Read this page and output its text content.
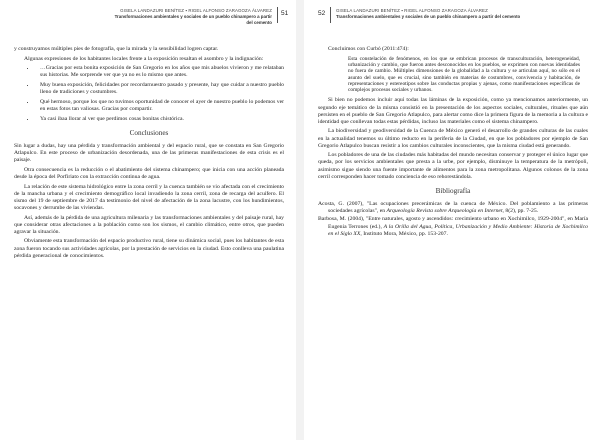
GISELA LANDAZURI BENÍTEZ ▪ RIGEL ALFONSO ZARAGOZA ÁLVAREZ
Transformaciones ambientales y sociales de un pueblo chinampero a partir del cemento
51

y construyamos múltiples pies de fotografía, que la mirada y la sensibilidad logren captar.

Algunas expresiones de los habitantes locales frente a la exposición resaltan el asombro y la indignación:

• …Gracias por esta bonita exposición de San Gregorio en los años que mis abuelos vivieron y me relataban sus historias. Me sorprende ver que ya no es lo mismo que antes.
• Muy buena exposición, felicidades por recordarnuestro pasado y presente, hay que cuidar a nuestro pueblo lleno de tradiciones y costumbres.
• Qué hermoso, porque los que no tuvimos oportunidad de conocer el ayer de nuestro pueblo lo podemos ver en estas fotos tan valiosas. Gracias por compartir.
• Ya casi ibaa llorar al ver que perdimos cosas bonitas chistórica.
Conclusiones

Sin lugar a dudas, hay una pérdida y transformación ambiental y del espacio rural, que se constata en San Gregorio Atlapulco. En este proceso de urbanización desordenada, una de las primeras manifestaciones de esta crisis es el paisaje.

Otra consecuencia es la reducción o el abatimiento del sistema chinampero; que inicia con una acción planeada desde la época del Porfiriato con la extracción continua de agua.

La relación de este sistema hidrológico entre la zona cerril y la cuenca también se vio afectada con el crecimiento de la mancha urbana y el crecimiento demográfico local invadiendo la zona cerril, zona de recarga del acuífero. El sismo del 19 de septiembre de 2017 da testimonio del nivel de afectación de la zona lacustre, con los hundimientos, socavones y derrumbe de las viviendas.

Así, además de la pérdida de una agricultura milenaria y las transformaciones ambientales y del paisaje rural, hay que considerar otras afectaciones a la población como son los sismos, el cambio climático, entre otros, que pueden agravar la situación.

Obviamente esta transformación del espacio productivo rural, tiene su dinámica social, pues los habitantes de esta zona fueron tocando sus actividades agrícolas, por la prestación de servicios en la ciudad. Esto conlleva una paulatina pérdida generacional de conocimientos.

52 GISELA LANDAZURI BENÍTEZ ▪ RIGEL ALFONSO ZARAGOZA ÁLVAREZ
Transformaciones ambientales y sociales de un pueblo chinampero a partir del cemento

Concluimos con Curbó (2011:474):

Esta constelación de fenómenos, en los que se embrican procesos de transculturación, heterogeneidad, urbanización y cambio, que fueron antes desconocidos en los pueblos, se exprimen con nuevas identidades no fuera de cambio. Múltiples dimensiones de la globalidad a la cultura y se articulan aquí, no sólo en el asunto del suelo, que es crucial, sino también en materias de costumbres, convivencia y habitación, de representaciones y estereotipos sobre las conductas propias y ajenas, como manifestaciones específicas de complejos procesos sociales y urbanos.

Si bien no podemos incluir aquí todas las láminas de la exposición, como ya mencionamos anteriormente, un segundo eje temático de la misma consistió en la presentación de los aspectos sociales, culturales, rituales que aún persisten en el pueblo de San Gregorio Atlapulco, para alertar como dice la primera figura de la memoria a la cultura e identidad que conllevan todas estas pérdidas, incluso las materiales como el sistema chinampero.

La biodiversidad y geodiversidad de la Cuenca de México generó el desarrollo de grandes culturas de las cuales en la actualidad tenemos su último reducto en la periferia de la Ciudad, en que los pobladores por ejemplo de San Gregorio Atlapulco buscan resistir a los cambios culturales inconscientes, que la misma ciudad está generando.

Los pobladores de una de las ciudades más habitadas del mundo necesitan conservar y proteger el único lugar que queda, por los servicios ambientales que presta a la urbe, por ejemplo, disminuye la temperatura de la metrópoli, asimismo sigue siendo una fuente importante de alimentos para la zona metropolitana. Algunos colonos de la zona cerril corresponden hacer tomado conciencia de eso rehorestándola.

Bibliografía

Acosta, G. (2007), "Las ocupaciones precerámicas de la cuenca de México. Del poblamiento a las primeras sociedades agrícolas", en Arqueología Revista sobre Arqueología en Internet, 8(2), pp. 7-25.

Barbosa, M. (2004), "Entre naturales, agosto y ascendidos: crecimiento urbano en Xochimilco, 1929-2004", en María Eugenia Terrones (ed.), A la Orilla del Agua, Política, Urbanización y Medio Ambiente: Historia de Xochimilco en el Siglo XX, Instituto Mora, México, pp. 153-207.
